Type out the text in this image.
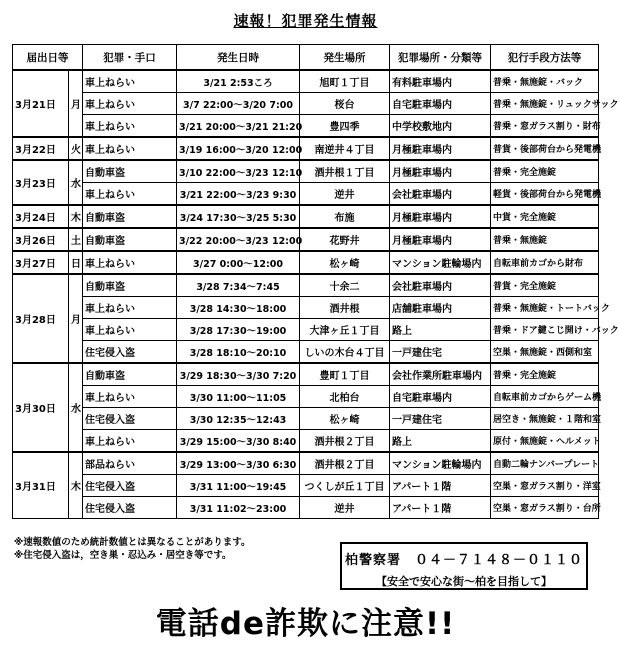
速報！犯罪発生情報
届出日等		犯罪・手口	発生日時	発生場所	犯罪場所・分類等	犯行手段方法等
3月21日	月	車上ねらい	3/21 2:53ころ	旭町１丁目	有料駐車場内	普乗・無施錠・バック
		車上ねらい	3/7 22:00～3/20 7:00	桜台	自宅駐車場内	普乗・無施錠・リュックサック
		車上ねらい	3/21 20:00～3/21 21:20	豊四季	中学校敷地内	普乗・窓ガラス割り・財布
3月22日	火	車上ねらい	3/19 16:00～3/20 12:00	南逆井４丁目	月極駐車場内	普貨・後部荷台から発電機
3月23日	水	自動車盗	3/10 22:00～3/23 12:10	酒井根１丁目	月極駐車場内	普乗・完全施錠
		車上ねらい	3/21 22:00～3/23 9:30	逆井	会社駐車場内	軽貨・後部荷台から発電機
3月24日	木	自動車盗	3/24 17:30～3/25 5:30	布施	月極駐車場内	中貨・完全施錠
3月26日	土	自動車盗	3/22 20:00～3/23 12:00	花野井	月極駐車場内	普乗・無施錠
3月27日	日	車上ねらい	3/27 0:00～12:00	松ヶ崎	マンション駐輪場内	自転車前カゴから財布
3月28日	月	自動車盗	3/28 7:34～7:45	十余二	会社駐車場内	普貨・完全施錠
		車上ねらい	3/28 14:30～18:00	酒井根	店舗駐車場内	普乗・無施錠・トートバック
		車上ねらい	3/28 17:30～19:00	大津ヶ丘１丁目	路上	普乗・ドア鍵こじ開け・バック
		住宅侵入盗	3/28 18:10～20:10	しいの木台４丁目	一戸建住宅	空巣・無施錠・西側和室
3月30日	水	自動車盗	3/29 18:30～3/30 7:20	豊町１丁目	会社作業所駐車場内	普乗・完全施錠
		車上ねらい	3/30 11:00～11:05	北柏台	自宅駐車場内	自転車前カゴからゲーム機
		住宅侵入盗	3/30 12:35～12:43	松ヶ崎	一戸建住宅	居空き・無施錠・１階和室
		車上ねらい	3/29 15:00～3/30 8:40	酒井根２丁目	路上	原付・無施錠・ヘルメット
3月31日	木	部品ねらい	3/29 13:00～3/30 6:30	酒井根２丁目	マンション駐輪場内	自動二輪ナンバープレート
		住宅侵入盗	3/31 11:00～19:45	つくしが丘１丁目	アパート１階	空巣・窓ガラス割り・洋室
		住宅侵入盗	3/31 11:02～23:00	逆井	アパート１階	空巣・窓ガラス割り・台所
※速報数値のため統計数値とは異なることがあります。
※住宅侵入盗は，空き巣・忍込み・居空き等です。	柏警察署 ０４－７１４８－０１１０
【安全で安心な街～柏を目指して】
電話de詐欺に注意!!
